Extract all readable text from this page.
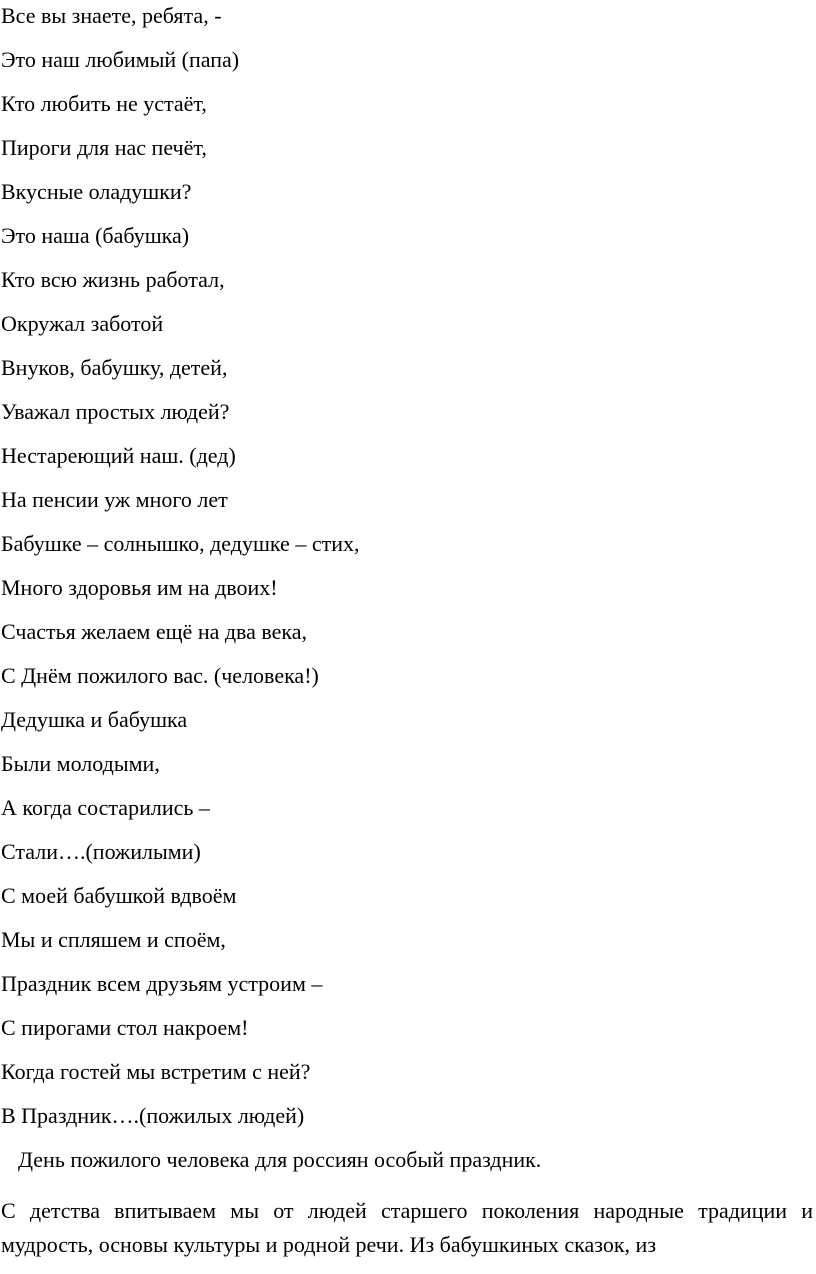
Все вы знаете, ребята, -

Это наш любимый (папа)

Кто любить не устаёт,

Пироги для нас печёт,

Вкусные оладушки?

Это наша (бабушка)

Кто всю жизнь работал,

Окружал заботой

Внуков, бабушку, детей,

Уважал простых людей?

Нестареющий наш. (дед)

На пенсии уж много лет

Бабушке – солнышко, дедушке – стих,

Много здоровья им на двоих!

Счастья желаем ещё на два века,

С Днём пожилого вас. (человека!)

Дедушка и бабушка

Были молодыми,

А когда состарились –

Стали….(пожилыми)

С моей бабушкой вдвоём

Мы и спляшем и споём,

Праздник всем друзьям устроим –

С пирогами стол накроем!

Когда гостей мы встретим с ней?

В Праздник….(пожилых людей)

День пожилого человека для россиян особый праздник.

С детства впитываем мы от людей старшего поколения народные традиции и
мудрость, основы культуры и родной речи. Из бабушкиных сказок, из
